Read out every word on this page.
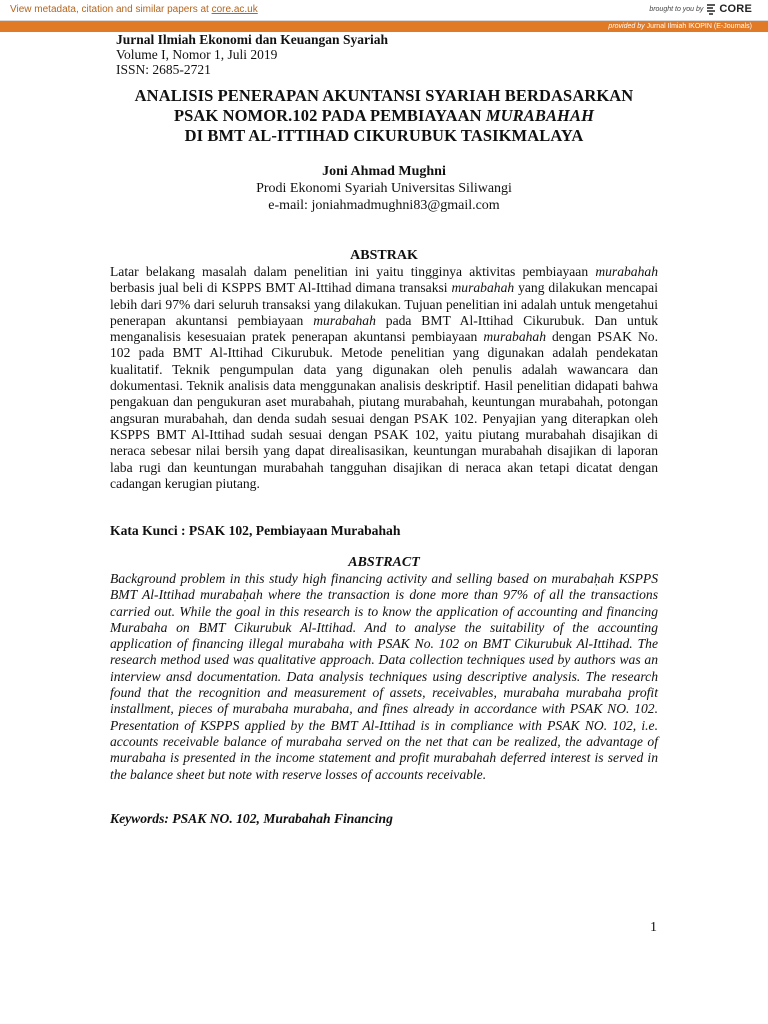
View metadata, citation and similar papers at core.ac.uk	brought to you by CORE
provided by Jurnal Ilmiah IKOPIN (E-Journals)
Jurnal Ilmiah Ekonomi dan Keuangan Syariah
Volume I, Nomor 1, Juli 2019
ISSN: 2685-2721
ANALISIS PENERAPAN AKUNTANSI SYARIAH BERDASARKAN
PSAK NOMOR.102 PADA PEMBIAYAAN MURABAHAH
DI BMT AL-ITTIHAD CIKURUBUK TASIKMALAYA
Joni Ahmad Mughni
Prodi Ekonomi Syariah Universitas Siliwangi
e-mail: joniahmadmughni83@gmail.com
ABSTRAK
Latar belakang masalah dalam penelitian ini yaitu tingginya aktivitas pembiayaan murabahah berbasis jual beli di KSPPS BMT Al-Ittihad dimana transaksi murabahah yang dilakukan mencapai lebih dari 97% dari seluruh transaksi yang dilakukan. Tujuan penelitian ini adalah untuk mengetahui penerapan akuntansi pembiayaan murabahah pada BMT Al-Ittihad Cikurubuk. Dan untuk menganalisis kesesuaian pratek penerapan akuntansi pembiayaan murabahah dengan PSAK No. 102 pada BMT Al-Ittihad Cikurubuk. Metode penelitian yang digunakan adalah pendekatan kualitatif. Teknik pengumpulan data yang digunakan oleh penulis adalah wawancara dan dokumentasi. Teknik analisis data menggunakan analisis deskriptif. Hasil penelitian didapati bahwa pengakuan dan pengukuran aset murabahah, piutang murabahah, keuntungan murabahah, potongan angsuran murabahah, dan denda sudah sesuai dengan PSAK 102. Penyajian yang diterapkan oleh KSPPS BMT Al-Ittihad sudah sesuai dengan PSAK 102, yaitu piutang murabahah disajikan di neraca sebesar nilai bersih yang dapat direalisasikan, keuntungan murabahah disajikan di laporan laba rugi dan keuntungan murabahah tangguhan disajikan di neraca akan tetapi dicatat dengan cadangan kerugian piutang.
Kata Kunci : PSAK 102, Pembiayaan Murabahah
ABSTRACT
Background problem in this study high financing activity and selling based on murabaḥah KSPPS BMT Al-Ittihad murabaḥah where the transaction is done more than 97% of all the transactions carried out. While the goal in this research is to know the application of accounting and financing Murabaha on BMT Cikurubuk Al-Ittihad. And to analyse the suitability of the accounting application of financing illegal murabaha with PSAK No. 102 on BMT Cikurubuk Al-Ittihad. The research method used was qualitative approach. Data collection techniques used by authors was an interview ansd documentation. Data analysis techniques using descriptive analysis. The research found that the recognition and measurement of assets, receivables, murabaha murabaha profit installment, pieces of murabaha murabaha, and fines already in accordance with PSAK NO. 102. Presentation of KSPPS applied by the BMT Al-Ittihad is in compliance with PSAK NO. 102, i.e. accounts receivable balance of murabaha served on the net that can be realized, the advantage of murabaha is presented in the income statement and profit murabahah deferred interest is served in the balance sheet but note with reserve losses of accounts receivable.
Keywords: PSAK NO. 102, Murabahah Financing
1
